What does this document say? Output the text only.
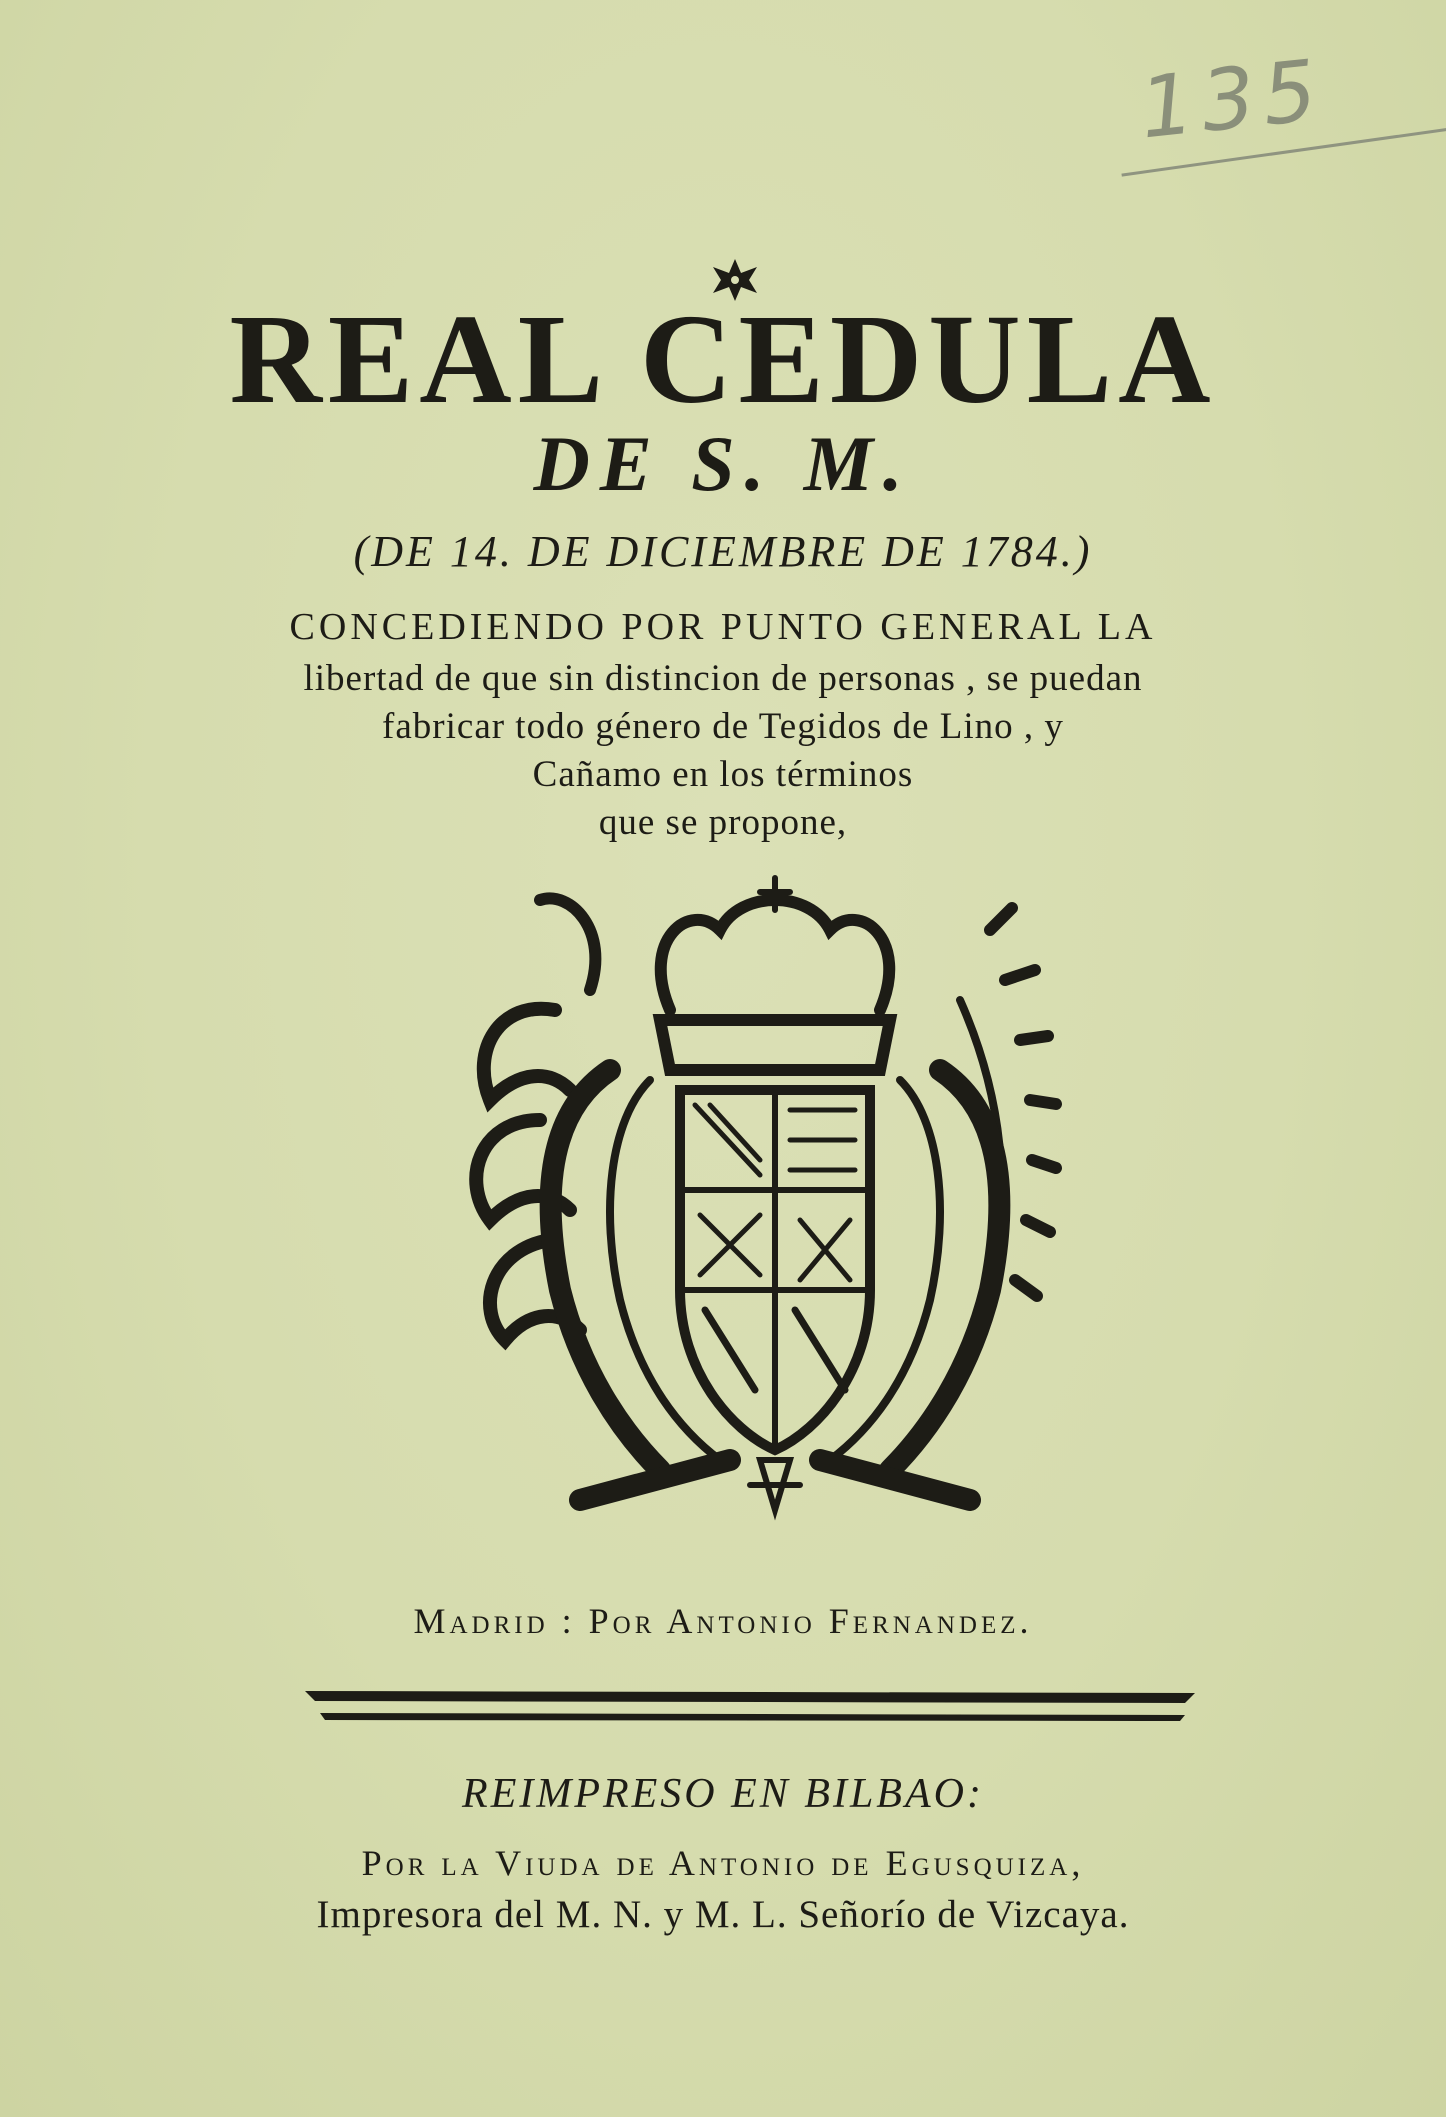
135
REAL CEDULA
DE S. M.
(DE 14. DE DICIEMBRE DE 1784.)
CONCEDIENDO POR PUNTO GENERAL LA
libertad de que sin distincion de personas , se puedan
fabricar todo género de Tegidos de Lino , y
Cañamo en los términos
que se propone,
Madrid : Por Antonio Fernandez.
REIMPRESO EN BILBAO:
Por la Viuda de Antonio de Egusquiza,
Impresora del M. N. y M. L. Señorío de Vizcaya.
